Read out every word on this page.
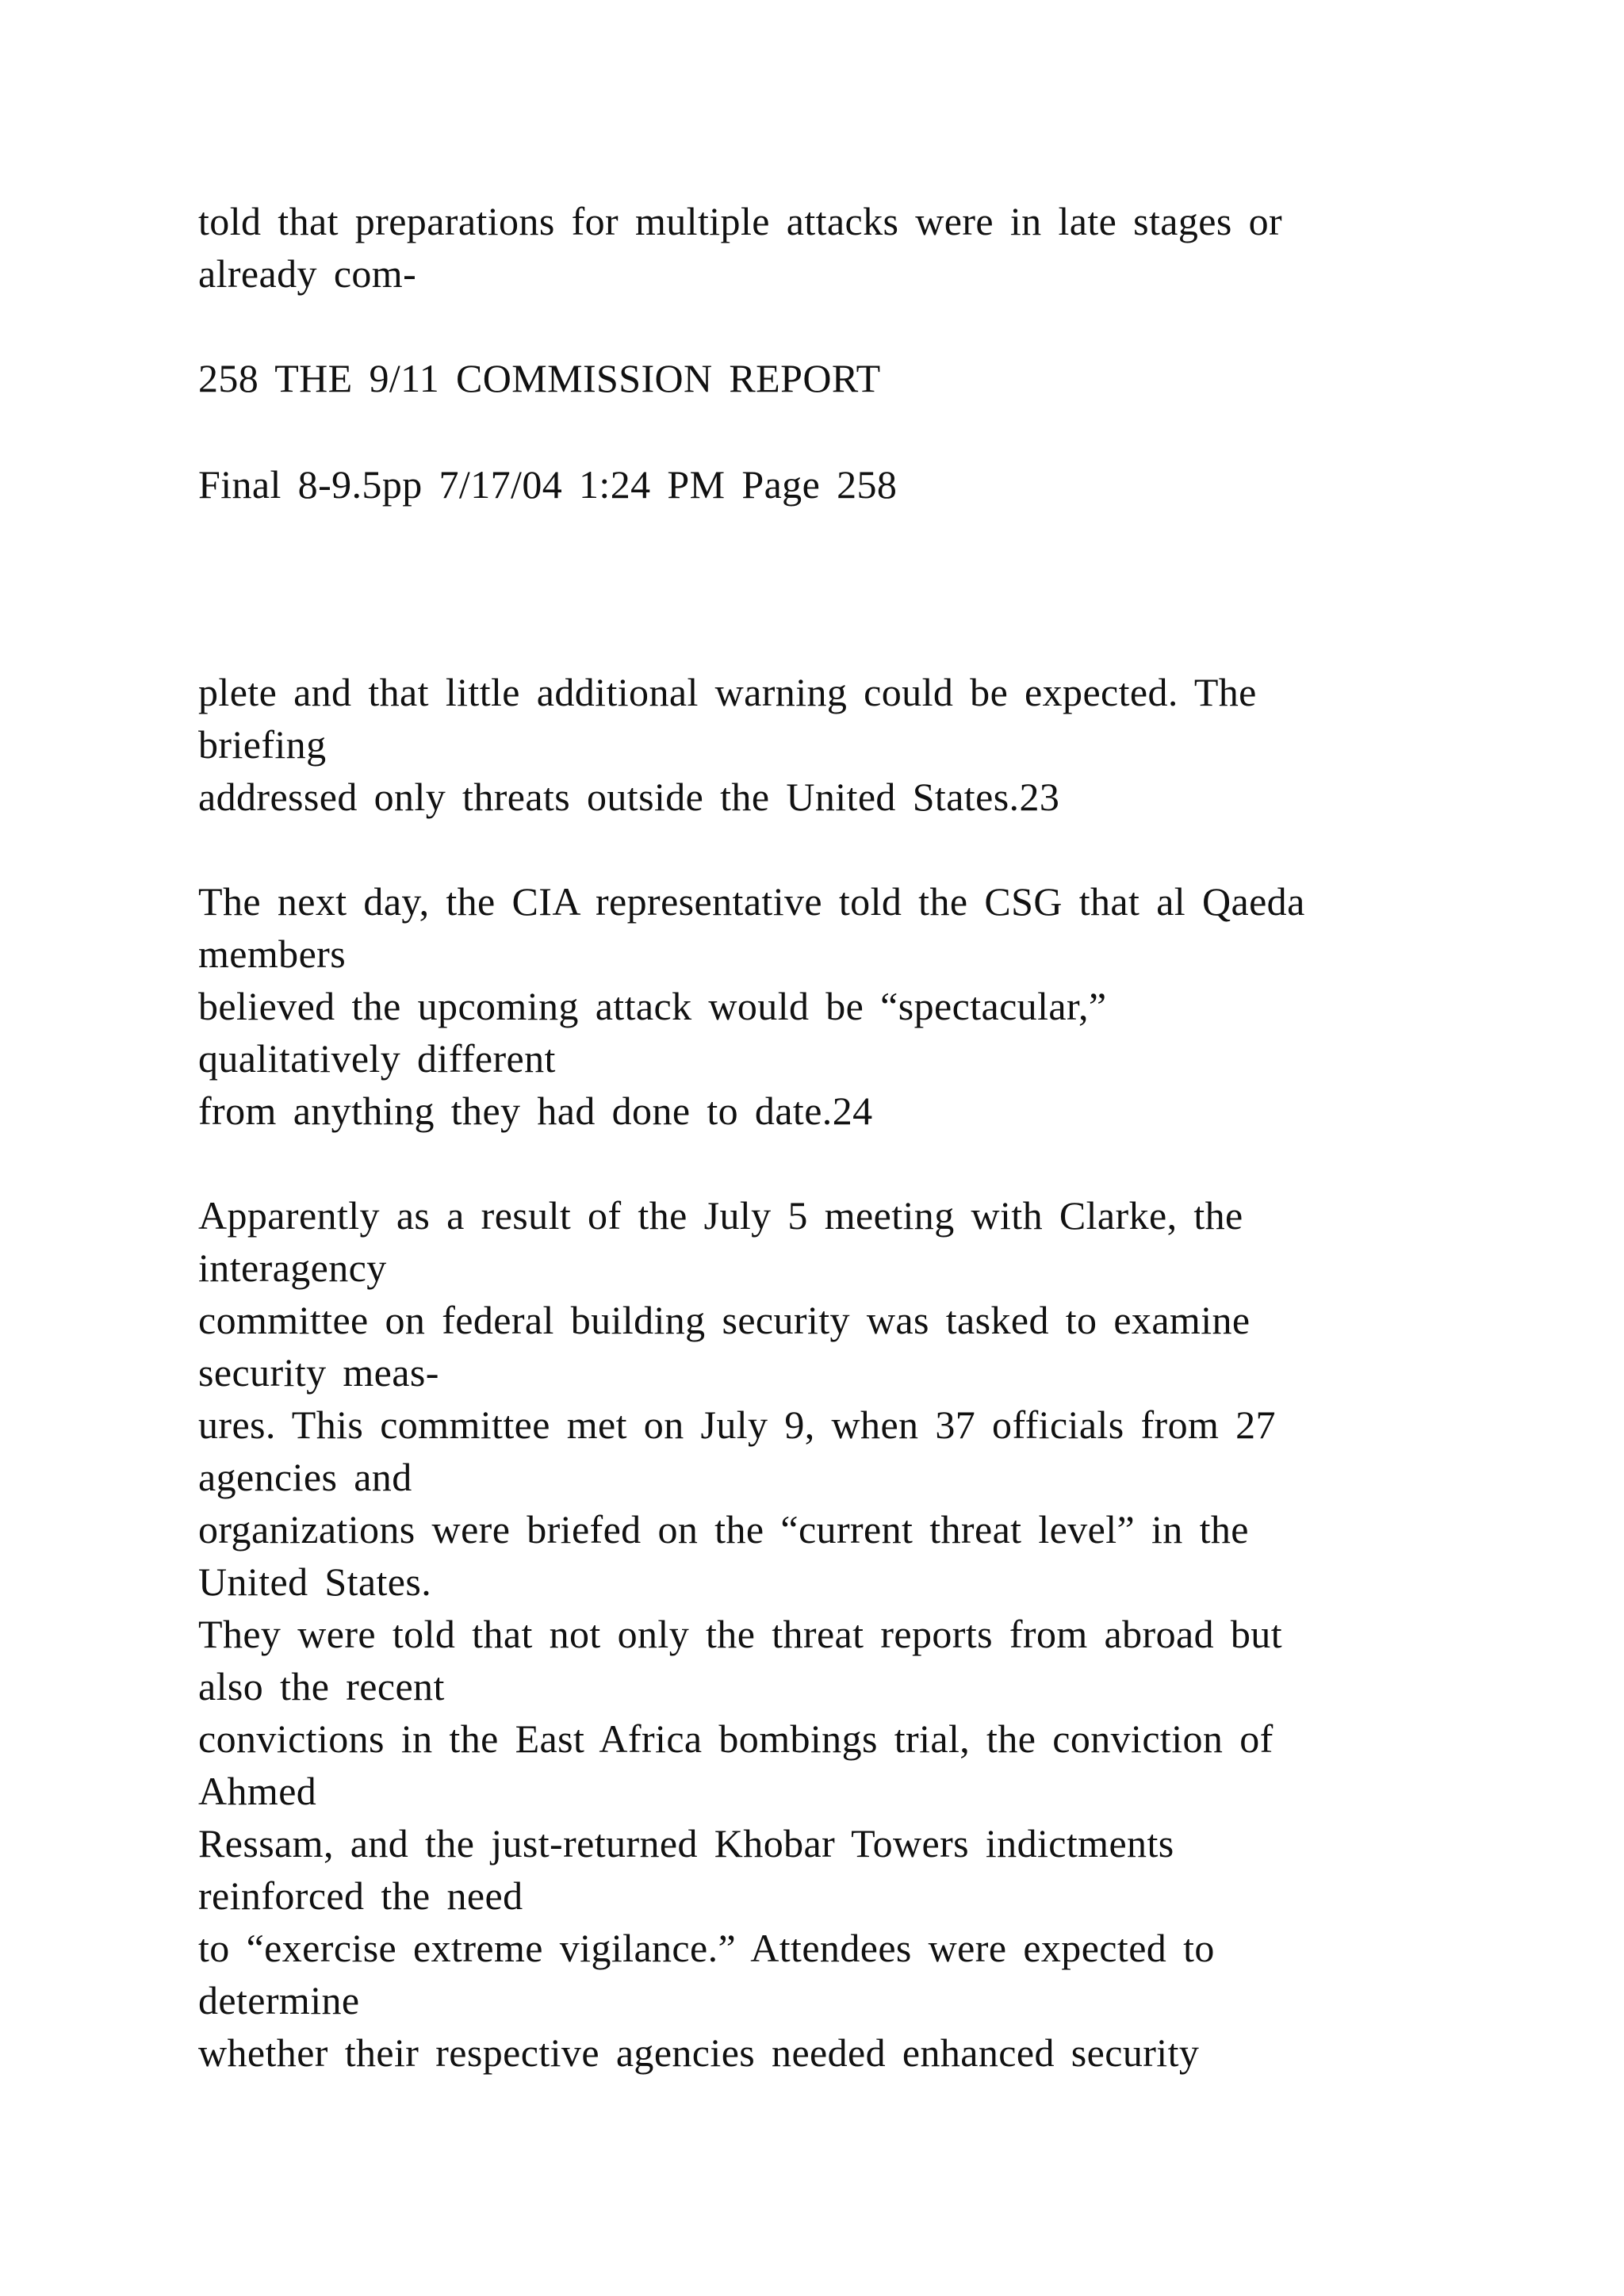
told that preparations for multiple attacks were in late stages or

already com-

258 THE 9/11 COMMISSION REPORT

Final 8-9.5pp 7/17/04 1:24 PM Page 258

plete and that little additional warning could be expected. The

briefing

addressed only threats outside the United States.23

The next day, the CIA representative told the CSG that al Qaeda

members

believed the upcoming attack would be “spectacular,”

qualitatively different

from anything they had done to date.24

Apparently as a result of the July 5 meeting with Clarke, the

interagency

committee on federal building security was tasked to examine

security meas-

ures. This committee met on July 9, when 37 officials from 27

agencies and

organizations were briefed on the “current threat level” in the

United States.

They were told that not only the threat reports from abroad but

also the recent

convictions in the East Africa bombings trial, the conviction of

Ahmed

Ressam, and the just-returned Khobar Towers indictments

reinforced the need

to “exercise extreme vigilance.” Attendees were expected to

determine

whether their respective agencies needed enhanced security
